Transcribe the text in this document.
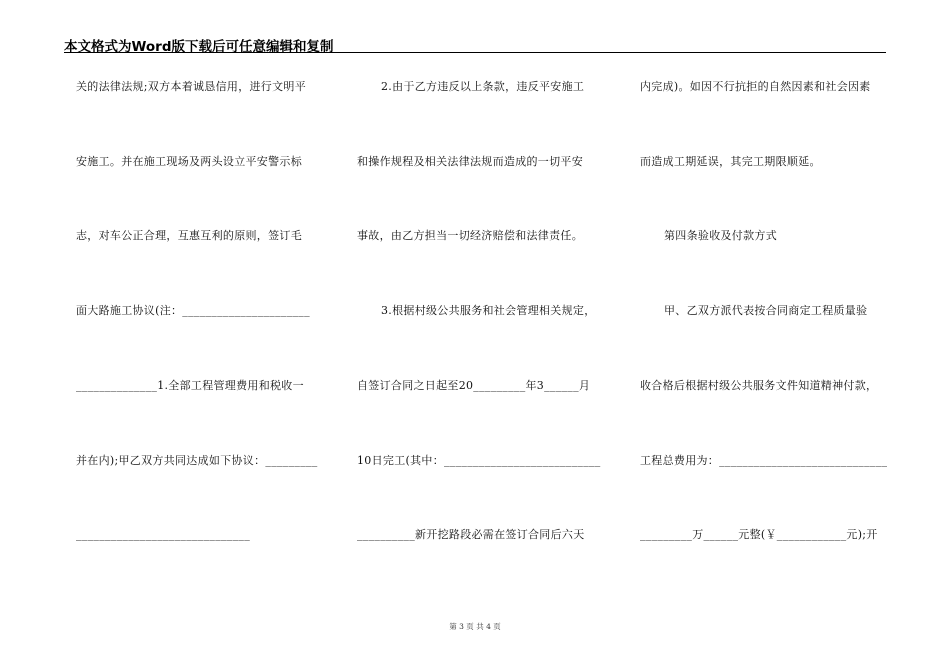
本文格式为Word版下载后可任意编辑和复制
关的法律法规;双方本着诚恳信用，进行文明平
安施工。并在施工现场及两头设立平安警示标
志，对车公正合理，互惠互利的原则，签订毛
面大路施工协议(注：______________________
______________1.全部工程管理费用和税收一
并在内);甲乙双方共同达成如下协议：_________
______________________________
2.由于乙方违反以上条款，违反平安施工
和操作规程及相关法律法规而造成的一切平安
事故，由乙方担当一切经济赔偿和法律责任。
3.根据村级公共服务和社会管理相关规定，
自签订合同之日起至20_________年3______月
10日完工(其中：___________________________
__________新开挖路段必需在签订合同后六天
内完成)。如因不行抗拒的自然因素和社会因素
而造成工期延误，其完工期限顺延。
第四条验收及付款方式
甲、乙双方派代表按合同商定工程质量验
收合格后根据村级公共服务文件知道精神付款，
工程总费用为：_____________________________
_________万______元整(￥____________元);开
第 3 页 共 4 页
